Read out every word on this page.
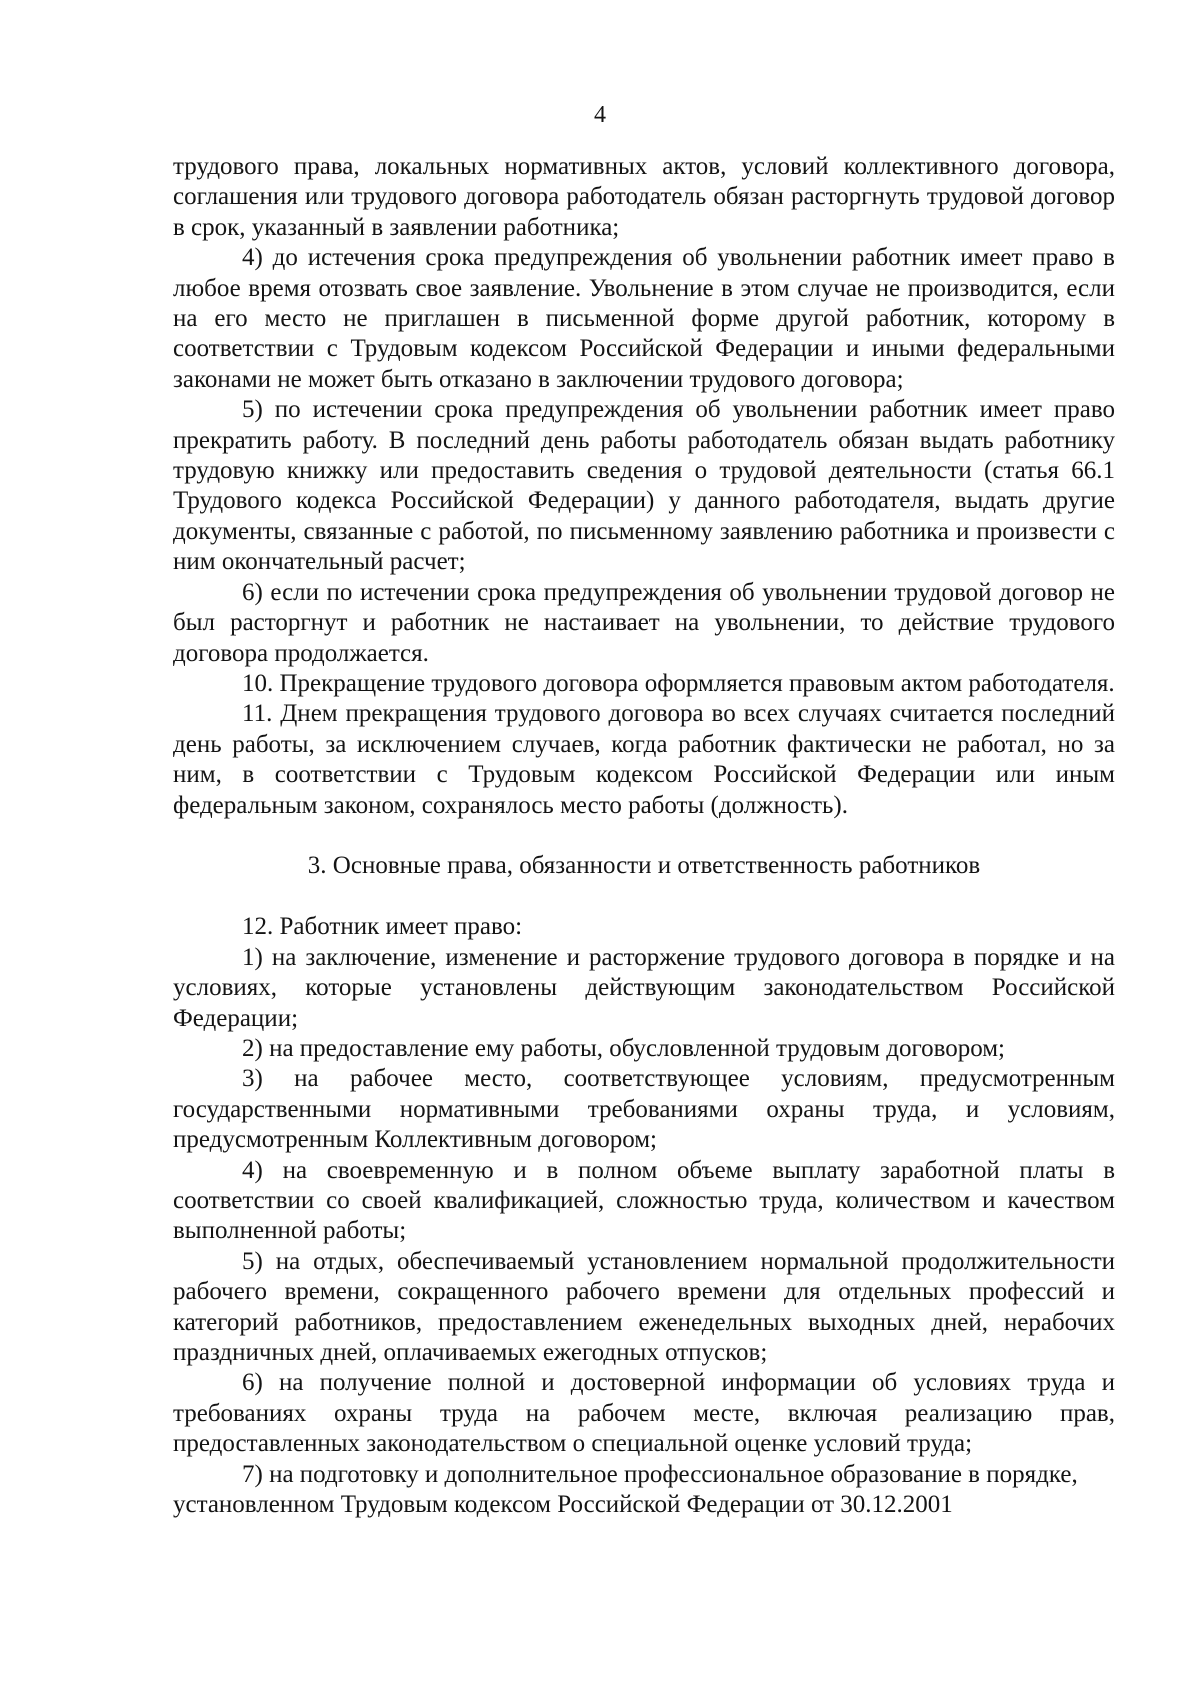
4

трудового права, локальных нормативных актов, условий коллективного договора, соглашения или трудового договора работодатель обязан расторгнуть трудовой договор в срок, указанный в заявлении работника;

4) до истечения срока предупреждения об увольнении работник имеет право в любое время отозвать свое заявление. Увольнение в этом случае не производится, если на его место не приглашен в письменной форме другой работник, которому в соответствии с Трудовым кодексом Российской Федерации и иными федеральными законами не может быть отказано в заключении трудового договора;

5) по истечении срока предупреждения об увольнении работник имеет право прекратить работу. В последний день работы работодатель обязан выдать работнику трудовую книжку или предоставить сведения о трудовой деятельности (статья 66.1 Трудового кодекса Российской Федерации) у данного работодателя, выдать другие документы, связанные с работой, по письменному заявлению работника и произвести с ним окончательный расчет;

6) если по истечении срока предупреждения об увольнении трудовой договор не был расторгнут и работник не настаивает на увольнении, то действие трудового договора продолжается.

10. Прекращение трудового договора оформляется правовым актом работодателя.

11. Днем прекращения трудового договора во всех случаях считается последний день работы, за исключением случаев, когда работник фактически не работал, но за ним, в соответствии с Трудовым кодексом Российской Федерации или иным федеральным законом, сохранялось место работы (должность).

3. Основные права, обязанности и ответственность работников

12. Работник имеет право:

1) на заключение, изменение и расторжение трудового договора в порядке и на условиях, которые установлены действующим законодательством Российской Федерации;

2) на предоставление ему работы, обусловленной трудовым договором;

3) на рабочее место, соответствующее условиям, предусмотренным государственными нормативными требованиями охраны труда, и условиям, предусмотренным Коллективным договором;

4) на своевременную и в полном объеме выплату заработной платы в соответствии со своей квалификацией, сложностью труда, количеством и качеством выполненной работы;

5) на отдых, обеспечиваемый установлением нормальной продолжительности рабочего времени, сокращенного рабочего времени для отдельных профессий и категорий работников, предоставлением еженедельных выходных дней, нерабочих праздничных дней, оплачиваемых ежегодных отпусков;

6) на получение полной и достоверной информации об условиях труда и требованиях охраны труда на рабочем месте, включая реализацию прав, предоставленных законодательством о специальной оценке условий труда;

7) на подготовку и дополнительное профессиональное образование в порядке, установленном Трудовым кодексом Российской Федерации от 30.12.2001
